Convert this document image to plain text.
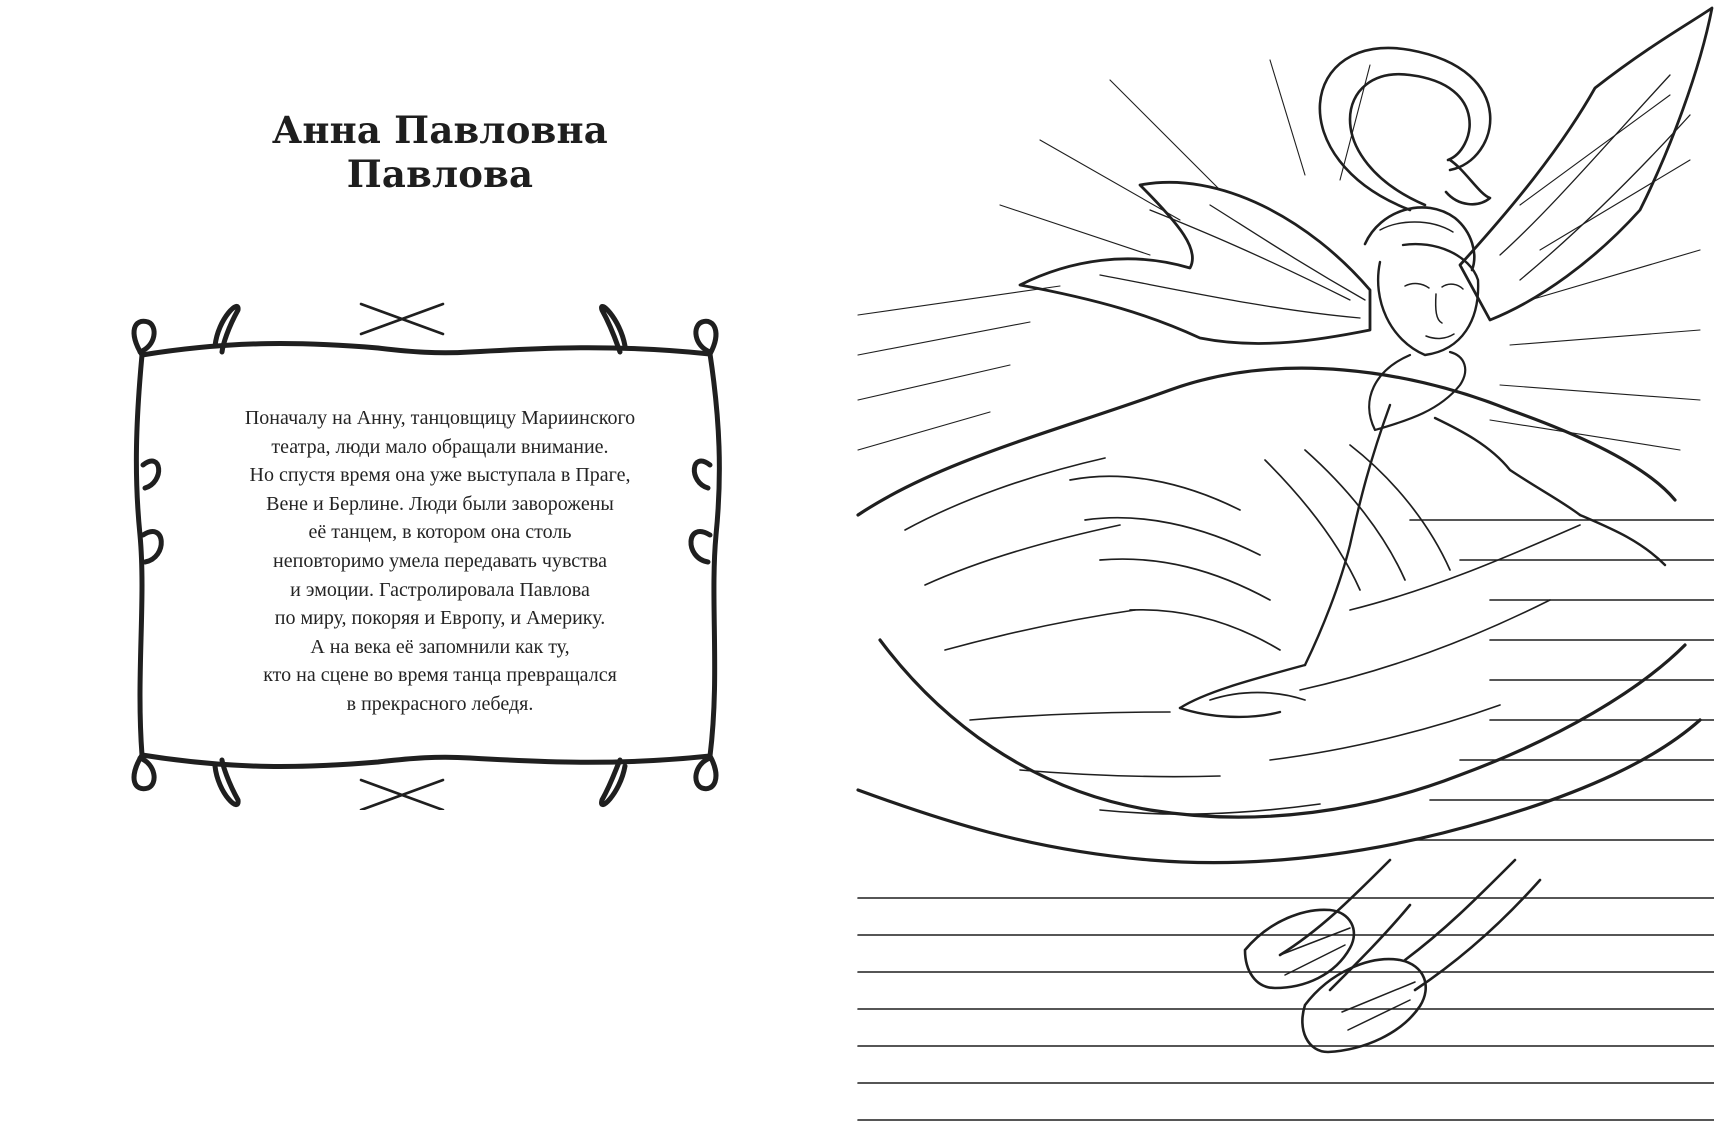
Анна Павловна Павлова
Поначалу на Анну, танцовщицу Мариинского
театра, люди мало обращали внимание.
Но спустя время она уже выступала в Праге,
Вене и Берлине. Люди были заворожены
её танцем, в котором она столь
неповторимо умела передавать чувства
и эмоции. Гастролировала Павлова
по миру, покоряя и Европу, и Америку.
А на века её запомнили как ту,
кто на сцене во время танца превращался
в прекрасного лебедя.
